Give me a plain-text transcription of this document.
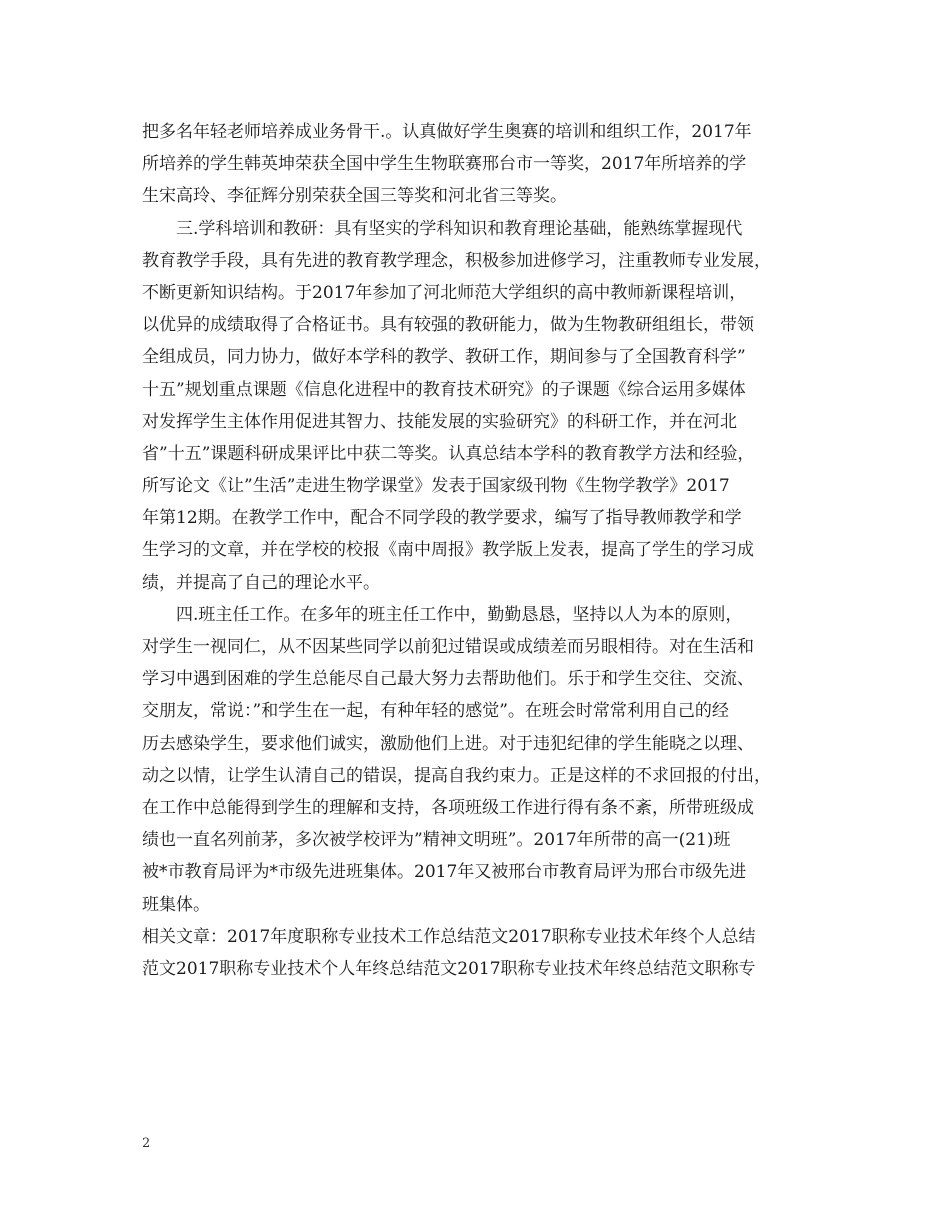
把多名年轻老师培养成业务骨干.。认真做好学生奥赛的培训和组织工作，2017年
所培养的学生韩英坤荣获全国中学生生物联赛邢台市一等奖，2017年所培养的学
生宋高玲、李征辉分别荣获全国三等奖和河北省三等奖。
三.学科培训和教研：具有坚实的学科知识和教育理论基础，能熟练掌握现代
教育教学手段，具有先进的教育教学理念，积极参加进修学习，注重教师专业发展，
不断更新知识结构。于2017年参加了河北师范大学组织的高中教师新课程培训，
以优异的成绩取得了合格证书。具有较强的教研能力，做为生物教研组组长，带领
全组成员，同力协力，做好本学科的教学、教研工作，期间参与了全国教育科学”
十五”规划重点课题《信息化进程中的教育技术研究》的子课题《综合运用多媒体
对发挥学生主体作用促进其智力、技能发展的实验研究》的科研工作，并在河北
省”十五”课题科研成果评比中获二等奖。认真总结本学科的教育教学方法和经验，
所写论文《让”生活”走进生物学课堂》发表于国家级刊物《生物学教学》2017
年第12期。在教学工作中，配合不同学段的教学要求，编写了指导教师教学和学
生学习的文章，并在学校的校报《南中周报》教学版上发表，提高了学生的学习成
绩，并提高了自己的理论水平。
四.班主任工作。在多年的班主任工作中，勤勤恳恳，坚持以人为本的原则，
对学生一视同仁，从不因某些同学以前犯过错误或成绩差而另眼相待。对在生活和
学习中遇到困难的学生总能尽自己最大努力去帮助他们。乐于和学生交往、交流、
交朋友，常说：”和学生在一起，有种年轻的感觉”。在班会时常常利用自己的经
历去感染学生，要求他们诚实，激励他们上进。对于违犯纪律的学生能晓之以理、
动之以情，让学生认清自己的错误，提高自我约束力。正是这样的不求回报的付出，
在工作中总能得到学生的理解和支持，各项班级工作进行得有条不紊，所带班级成
绩也一直名列前茅，多次被学校评为”精神文明班”。2017年所带的高一(21)班
被*市教育局评为*市级先进班集体。2017年又被邢台市教育局评为邢台市级先进
班集体。
相关文章：2017年度职称专业技术工作总结范文2017职称专业技术年终个人总结
范文2017职称专业技术个人年终总结范文2017职称专业技术年终总结范文职称专
2
